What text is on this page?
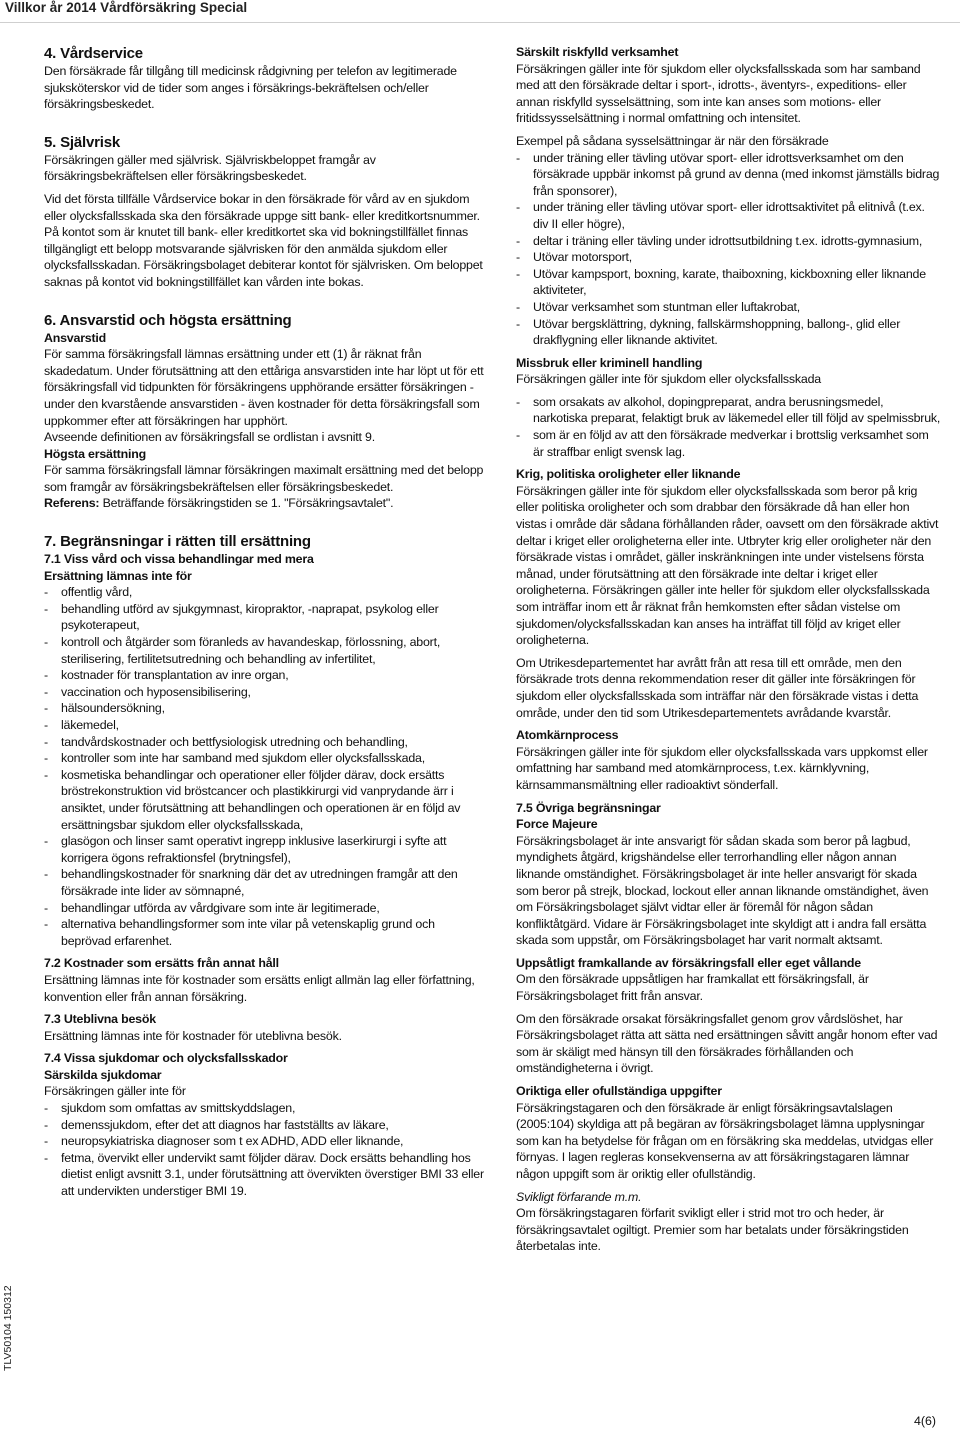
Villkor år 2014 Vårdförsäkring Special
TLV50104 150312

4. Vårdservice

Den försäkrade får tillgång till medicinsk rådgivning per telefon av legitimerade sjuksköterskor vid de tider som anges i försäkrings-bekräftelsen och/eller försäkringsbeskedet.

5. Självrisk

Försäkringen gäller med självrisk. Självriskbeloppet framgår av försäkringsbekräftelsen eller försäkringsbeskedet.

Vid det första tillfälle Vårdservice bokar in den försäkrade för vård av en sjukdom eller olycksfallsskada ska den försäkrade uppge sitt bank- eller kreditkortsnummer. På kontot som är knutet till bank- eller kreditkortet ska vid bokningstillfället finnas tillgängligt ett belopp motsvarande självrisken för den anmälda sjukdom eller olycksfallsskadan. Försäkringsbolaget debiterar kontot för självrisken. Om beloppet saknas på kontot vid bokningstillfället kan vården inte bokas.

6. Ansvarstid och högsta ersättning

Ansvarstid

För samma försäkringsfall lämnas ersättning under ett (1) år räknat från skadedatum. Under förutsättning att den ettåriga ansvarstiden inte har löpt ut för ett försäkringsfall vid tidpunkten för försäkringens upphörande ersätter försäkringen - under den kvarstående ansvarstiden - även kostnader för detta försäkringsfall som uppkommer efter att försäkringen har upphört.

Avseende definitionen av försäkringsfall se ordlistan i avsnitt 9.

Högsta ersättning

För samma försäkringsfall lämnar försäkringen maximalt ersättning med det belopp som framgår av försäkringsbekräftelsen eller försäkringsbeskedet.

Referens: Beträffande försäkringstiden se 1. "Försäkringsavtalet".

7. Begränsningar i rätten till ersättning

7.1 Viss vård och vissa behandlingar med mera

Ersättning lämnas inte för

- offentlig vård,
- behandling utförd av sjukgymnast, kiropraktor, -naprapat, psykolog eller psykoterapeut,
- kontroll och åtgärder som föranleds av havandeskap, förlossning, abort, sterilisering, fertilitetsutredning och behandling av infertilitet,
- kostnader för transplantation av inre organ,
- vaccination och hyposensibilisering,
- hälsoundersökning,
- läkemedel,
- tandvårdskostnader och bettfysiologisk utredning och behandling,
- kontroller som inte har samband med sjukdom eller olycksfallsskada,
- kosmetiska behandlingar och operationer eller följder därav, dock ersätts bröstrekonstruktion vid bröstcancer och plastikkirurgi vid vanprydande ärr i ansiktet, under förutsättning att behandlingen och operationen är en följd av ersättningsbar sjukdom eller olycksfallsskada,
- glasögon och linser samt operativt ingrepp inklusive laserkirurgi i syfte att korrigera ögons refraktionsfel (brytningsfel),
- behandlingskostnader för snarkning där det av utredningen framgår att den försäkrade inte lider av sömnapné,
- behandlingar utförda av vårdgivare som inte är legitimerade,
- alternativa behandlingsformer som inte vilar på vetenskaplig grund och beprövad erfarenhet.

7.2 Kostnader som ersätts från annat håll

Ersättning lämnas inte för kostnader som ersätts enligt allmän lag eller författning, konvention eller från annan försäkring.

7.3 Uteblivna besök

Ersättning lämnas inte för kostnader för uteblivna besök.

7.4 Vissa sjukdomar och olycksfallsskador

Särskilda sjukdomar

Försäkringen gäller inte för

- sjukdom som omfattas av smittskyddslagen,
- demenssjukdom, efter det att diagnos har fastställts av läkare,
- neuropsykiatriska diagnoser som t ex ADHD, ADD eller liknande,
- fetma, övervikt eller undervikt samt följder därav. Dock ersätts behandling hos dietist enligt avsnitt 3.1, under förutsättning att övervikten överstiger BMI 33 eller att undervikten understiger BMI 19.

Särskilt riskfylld verksamhet

Försäkringen gäller inte för sjukdom eller olycksfallsskada som har samband med att den försäkrade deltar i sport-, idrotts-, äventyrs-, expeditions- eller annan riskfylld sysselsättning, som inte kan anses som motions- eller fritidssysselsättning i normal omfattning och intensitet.

Exempel på sådana sysselsättningar är när den försäkrade

- under träning eller tävling utövar sport- eller idrottsverksamhet om den försäkrade uppbär inkomst på grund av denna (med inkomst jämställs bidrag från sponsorer),
- under träning eller tävling utövar sport- eller idrottsaktivitet på elitnivå (t.ex. div II eller högre),
- deltar i träning eller tävling under idrottsutbildning t.ex. idrotts-gymnasium,
- Utövar motorsport,
- Utövar kampsport, boxning, karate, thaiboxning, kickboxning eller liknande aktiviteter,
- Utövar verksamhet som stuntman eller luftakrobat,
- Utövar bergsklättring, dykning, fallskärmshoppning, ballong-, glid eller drakflygning eller liknande aktivitet.

Missbruk eller kriminell handling

Försäkringen gäller inte för sjukdom eller olycksfallsskada

- som orsakats av alkohol, dopingpreparat, andra berusningsmedel, narkotiska preparat, felaktigt bruk av läkemedel eller till följd av spelmissbruk,
- som är en följd av att den försäkrade medverkar i brottslig verksamhet som är straffbar enligt svensk lag.

Krig, politiska oroligheter eller liknande

Försäkringen gäller inte för sjukdom eller olycksfallsskada som beror på krig eller politiska oroligheter och som drabbar den försäkrade då han eller hon vistas i område där sådana förhållanden råder, oavsett om den försäkrade aktivt deltar i kriget eller oroligheterna eller inte. Utbryter krig eller oroligheter när den försäkrade vistas i området, gäller inskränkningen inte under vistelsens första månad, under förutsättning att den försäkrade inte deltar i kriget eller oroligheterna. Försäkringen gäller inte heller för sjukdom eller olycksfallsskada som inträffar inom ett år räknat från hemkomsten efter sådan vistelse om sjukdomen/olycksfallsskadan kan anses ha inträffat till följd av kriget eller oroligheterna.

Om Utrikesdepartementet har avrått från att resa till ett område, men den försäkrade trots denna rekommendation reser dit gäller inte försäkringen för sjukdom eller olycksfallsskada som inträffar när den försäkrade vistas i detta område, under den tid som Utrikesdepartementets avrådande kvarstår.

Atomkärnprocess

Försäkringen gäller inte för sjukdom eller olycksfallsskada vars uppkomst eller omfattning har samband med atomkärnprocess, t.ex. kärnklyvning, kärnsammansmältning eller radioaktivt sönderfall.

7.5 Övriga begränsningar

Force Majeure

Försäkringsbolaget är inte ansvarigt för sådan skada som beror på lagbud, myndighets åtgärd, krigshändelse eller terrorhandling eller någon annan liknande omständighet. Försäkringsbolaget är inte heller ansvarigt för skada som beror på strejk, blockad, lockout eller annan liknande omständighet, även om Försäkringsbolaget självt vidtar eller är föremål för någon sådan konfliktåtgärd. Vidare är Försäkringsbolaget inte skyldigt att i andra fall ersätta skada som uppstår, om Försäkringsbolaget har varit normalt aktsamt.

Uppsåtligt framkallande av försäkringsfall eller eget vållande

Om den försäkrade uppsåtligen har framkallat ett försäkringsfall, är Försäkringsbolaget fritt från ansvar.

Om den försäkrade orsakat försäkringsfallet genom grov vårdslöshet, har Försäkringsbolaget rätta att sätta ned ersättningen såvitt angår honom efter vad som är skäligt med hänsyn till den försäkrades förhållanden och omständigheterna i övrigt.

Oriktiga eller ofullständiga uppgifter

Försäkringstagaren och den försäkrade är enligt försäkringsavtalslagen (2005:104) skyldiga att på begäran av försäkringsbolaget lämna upplysningar som kan ha betydelse för frågan om en försäkring ska meddelas, utvidgas eller förnyas. I lagen regleras konsekvenserna av att försäkringstagaren lämnar någon uppgift som är oriktig eller ofullständig.

Svikligt förfarande m.m.

Om försäkringstagaren förfarit svikligt eller i strid mot tro och heder, är försäkringsavtalet ogiltigt. Premier som har betalats under försäkringstiden återbetalas inte.

4(6)
